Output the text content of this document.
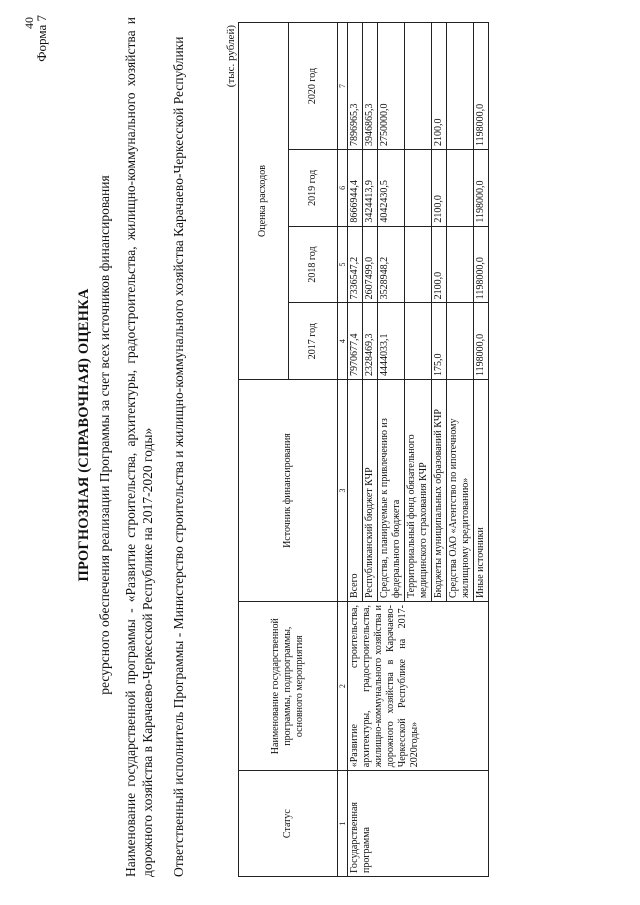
40
Форма 7
ПРОГНОЗНАЯ (СПРАВОЧНАЯ) ОЦЕНКА ресурсного обеспечения реализации Программы за счет всех источников финансирования Наименование государственной программы - «Развитие строительства, архитектуры, градостроительства, жилищно-коммунального хозяйства и дорожного хозяйства в Карачаево-Черкесской Республике на 2017-2020 годы» Ответственный исполнитель Программы - Министерство строительства и жилищно-коммунального хозяйства Карачаево-Черкесской Республики	(тыс. рублей)
Статус	Наименование государственной программы, подпрограммы, основного мероприятия	Источник финансирования	Оценка расходов			
			2017 год	2018 год	2019 год	2020 год
1	2	3	4	5	6	7
Государственная программа	«Развитие строительства, архитектуры, градостроительства, жилищно-коммунального хозяйства и дорожного хозяйства в Карачаево-Черкесской Республике на 2017-2020годы»	Всего	7970677,4	7336547,2	8666944,4	7896965,3
		Республиканский бюджет КЧР	2328469,3	2607499,0	3424413,9	3946865,3
		Средства, планируемые к привлечению из федерального бюджета	4444033,1	3528948,2	4042430,5	2750000,0
		Территориальный фонд обязательного медицинского страхования КЧР				
		Бюджеты муниципальных образований КЧР	175,0	2100,0	2100,0	2100,0
		Средства ОАО «Агентство по ипотечному жилищному кредитованию»				
		Иные источники	1198000,0	1198000,0	1198000,0	1198000,0
